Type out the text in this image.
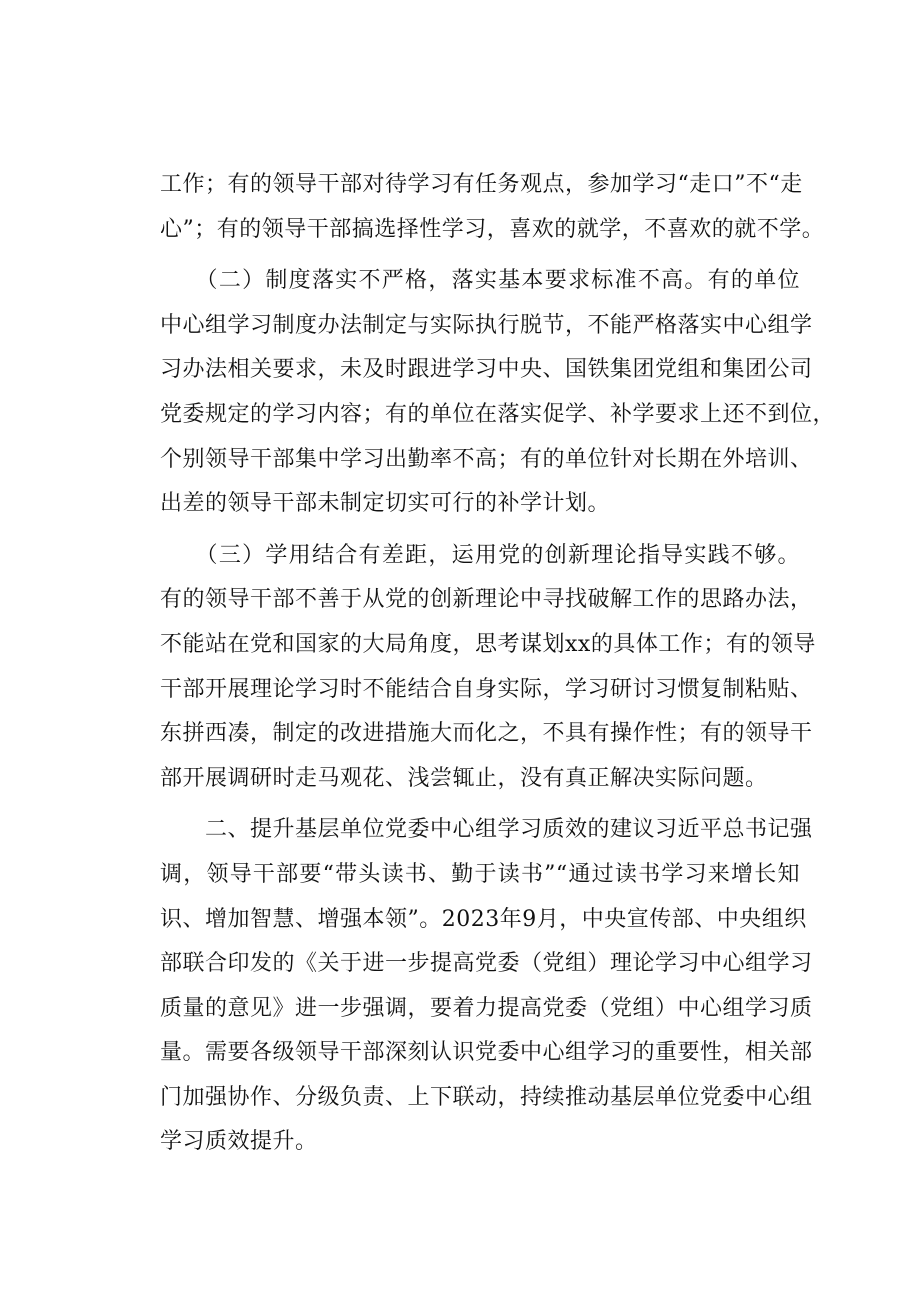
工作；有的领导干部对待学习有任务观点，参加学习“走口”不“走
心”；有的领导干部搞选择性学习，喜欢的就学，不喜欢的就不学。
　　（二）制度落实不严格，落实基本要求标准不高。有的单位
中心组学习制度办法制定与实际执行脱节，不能严格落实中心组学
习办法相关要求，未及时跟进学习中央、国铁集团党组和集团公司
党委规定的学习内容；有的单位在落实促学、补学要求上还不到位，
个别领导干部集中学习出勤率不高；有的单位针对长期在外培训、
出差的领导干部未制定切实可行的补学计划。
　　（三）学用结合有差距，运用党的创新理论指导实践不够。
有的领导干部不善于从党的创新理论中寻找破解工作的思路办法，
不能站在党和国家的大局角度，思考谋划xx的具体工作；有的领导
干部开展理论学习时不能结合自身实际，学习研讨习惯复制粘贴、
东拼西凑，制定的改进措施大而化之，不具有操作性；有的领导干
部开展调研时走马观花、浅尝辄止，没有真正解决实际问题。
　　二、提升基层单位党委中心组学习质效的建议习近平总书记强
调，领导干部要“带头读书、勤于读书”“通过读书学习来增长知
识、增加智慧、增强本领”。2023年9月，中央宣传部、中央组织
部联合印发的《关于进一步提高党委（党组）理论学习中心组学习
质量的意见》进一步强调，要着力提高党委（党组）中心组学习质
量。需要各级领导干部深刻认识党委中心组学习的重要性，相关部
门加强协作、分级负责、上下联动，持续推动基层单位党委中心组
学习质效提升。
